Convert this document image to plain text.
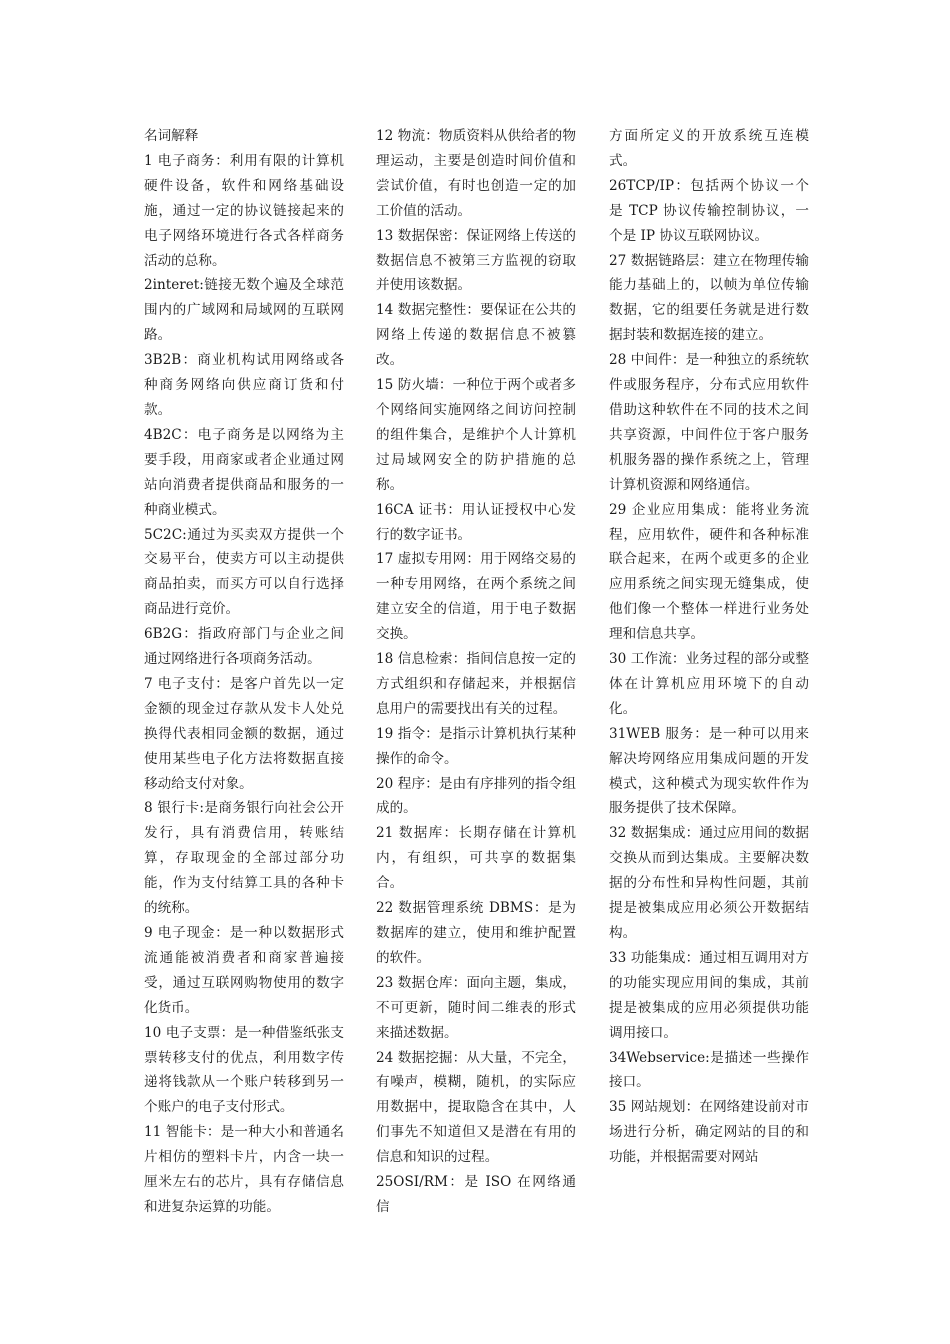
名词解释

1 电子商务：利用有限的计算机硬件设备，软件和网络基础设施，通过一定的协议链接起来的电子网络环境进行各式各样商务活动的总称。

2interet:链接无数个遍及全球范围内的广域网和局域网的互联网路。

3B2B：商业机构试用网络或各种商务网络向供应商订货和付款。

4B2C：电子商务是以网络为主要手段，用商家或者企业通过网站向消费者提供商品和服务的一种商业模式。

5C2C:通过为买卖双方提供一个交易平台，使卖方可以主动提供商品拍卖，而买方可以自行选择商品进行竞价。

6B2G：指政府部门与企业之间通过网络进行各项商务活动。

7 电子支付：是客户首先以一定金额的现金过存款从发卡人处兑换得代表相同金额的数据，通过使用某些电子化方法将数据直接移动给支付对象。

8 银行卡:是商务银行向社会公开发行，具有消费信用，转账结算，存取现金的全部过部分功能，作为支付结算工具的各种卡的统称。

9 电子现金：是一种以数据形式流通能被消费者和商家普遍接受，通过互联网购物使用的数字化货币。

10 电子支票：是一种借鉴纸张支票转移支付的优点，利用数字传递将钱款从一个账户转移到另一个账户的电子支付形式。

11 智能卡：是一种大小和普通名片相仿的塑料卡片，内含一块一厘米左右的芯片，具有存储信息和进复杂运算的功能。

12 物流：物质资料从供给者的物理运动，主要是创造时间价值和尝试价值，有时也创造一定的加工价值的活动。

13 数据保密：保证网络上传送的数据信息不被第三方监视的窃取并使用该数据。

14 数据完整性：要保证在公共的网络上传递的数据信息不被篡改。

15 防火墙：一种位于两个或者多个网络间实施网络之间访问控制的组件集合，是维护个人计算机过局域网安全的防护措施的总称。

16CA 证书：用认证授权中心发行的数字证书。

17 虚拟专用网：用于网络交易的一种专用网络，在两个系统之间建立安全的信道，用于电子数据交换。

18 信息检索：指间信息按一定的方式组织和存储起来，并根据信息用户的需要找出有关的过程。

19 指令：是指示计算机执行某种操作的命令。

20 程序：是由有序排列的指令组成的。

21 数据库：长期存储在计算机内，有组织，可共享的数据集合。

22 数据管理系统 DBMS：是为数据库的建立，使用和维护配置的软件。

23 数据仓库：面向主题，集成，不可更新，随时间二维表的形式来描述数据。

24 数据挖掘：从大量，不完全，有噪声，模糊，随机，的实际应用数据中，提取隐含在其中，人们事先不知道但又是潜在有用的信息和知识的过程。

25OSI/RM：是 ISO 在网络通信

方面所定义的开放系统互连模式。

26TCP/IP：包括两个协议一个是 TCP 协议传输控制协议，一个是 IP 协议互联网协议。

27 数据链路层：建立在物理传输能力基础上的，以帧为单位传输数据，它的组要任务就是进行数据封装和数据连接的建立。

28 中间件：是一种独立的系统软件或服务程序，分布式应用软件借助这种软件在不同的技术之间共享资源，中间件位于客户服务机服务器的操作系统之上，管理计算机资源和网络通信。

29 企业应用集成：能将业务流程，应用软件，硬件和各种标准联合起来，在两个或更多的企业应用系统之间实现无缝集成，使他们像一个整体一样进行业务处理和信息共享。

30 工作流：业务过程的部分或整体在计算机应用环境下的自动化。

31WEB 服务：是一种可以用来解决垮网络应用集成问题的开发模式，这种模式为现实软件作为服务提供了技术保障。

32 数据集成：通过应用间的数据交换从而到达集成。主要解决数据的分布性和异构性问题，其前提是被集成应用必须公开数据结构。

33 功能集成：通过相互调用对方的功能实现应用间的集成，其前提是被集成的应用必须提供功能调用接口。

34Webservice:是描述一些操作接口。

35 网站规划：在网络建设前对市场进行分析，确定网站的目的和功能，并根据需要对网站
